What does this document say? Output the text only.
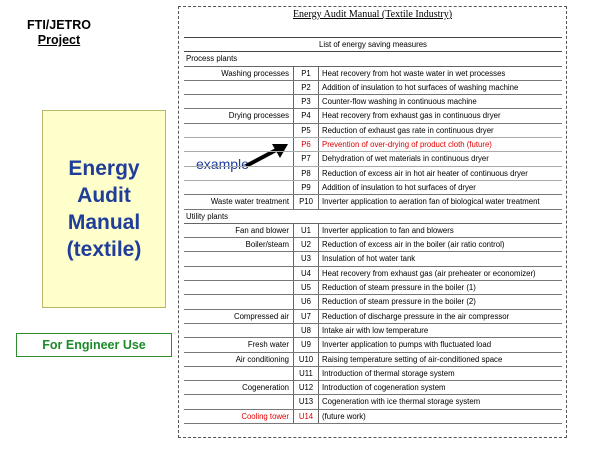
FTI/JETRO
Project
Energy
Audit
Manual
(textile)
For Engineer Use
example
Energy Audit Manual (Textile Industry)
List of energy saving measures		
Process plants		
Washing processes	P1	Heat recovery from hot waste water in wet processes
	P2	Addition of insulation to hot surfaces of washing machine
	P3	Counter-flow washing in continuous machine
Drying processes	P4	Heat recovery from exhaust gas in continuous dryer
	P5	Reduction of exhaust gas rate in continuous dryer
	P6	Prevention of over-drying of product cloth (future)
	P7	Dehydration of wet materials in continuous dryer
	P8	Reduction of excess air in hot air heater of continuous dryer
	P9	Addition of insulation to hot surfaces of dryer
Waste water treatment	P10	Inverter application to aeration fan of biological water treatment
Utility plants		
Fan and blower	U1	Inverter application to fan and blowers
Boiler/steam	U2	Reduction of excess air in the boiler (air ratio control)
	U3	Insulation of hot water tank
	U4	Heat recovery from exhaust gas (air preheater or economizer)
	U5	Reduction of steam pressure in the boiler (1)
	U6	Reduction of steam pressure in the boiler (2)
Compressed air	U7	Reduction of discharge pressure in the air compressor
	U8	Intake air with low temperature
Fresh water	U9	Inverter application to pumps with fluctuated load
Air conditioning	U10	Raising temperature setting of air-conditioned space
	U11	Introduction of thermal storage system
Cogeneration	U12	Introduction of cogeneration system
	U13	Cogeneration with ice thermal storage system
Cooling tower	U14	(future work)
